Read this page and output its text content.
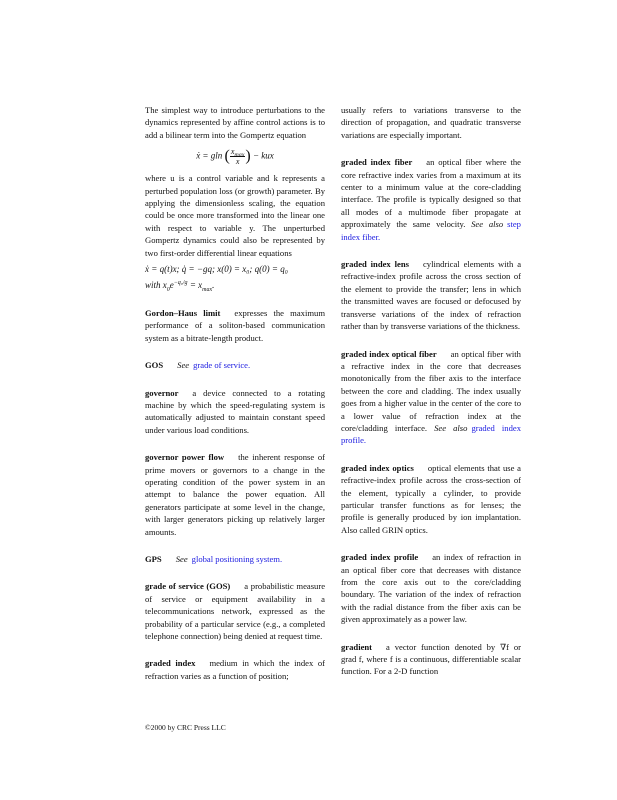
The simplest way to introduce perturbations to the dynamics represented by affine control actions is to add a bilinear term into the Gompertz equation

ẋ = gln ( $\frac{x_{max}}{x}$ ) − kux

where u is a control variable and k represents a perturbed population loss (or growth) parameter. By applying the dimensionless scaling, the equation could be once more transformed into the linear one with respect to variable y. The unperturbed Gompertz dynamics could also be represented by two first-order differential linear equations

ẋ = q(t)x; q̇ = −gq; x(0) = x₀; q(0) = q₀
with $x_0e^{-q_0/g} = x_{max}$.

Gordon–Haus limit expresses the maximum performance of a soliton-based communication system as a bitrate-length product.

GOS See grade of service.

governor a device connected to a rotating machine by which the speed-regulating system is automatically adjusted to maintain constant speed under various load conditions.

governor power flow the inherent response of prime movers or governors to a change in the operating condition of the power system in an attempt to balance the power equation. All generators participate at some level in the change, with larger generators picking up relatively larger amounts.

GPS See global positioning system.

grade of service (GOS) a probabilistic measure of service or equipment availability in a telecommunications network, expressed as the probability of a particular service (e.g., a completed telephone connection) being denied at request time.

graded index medium in which the index of refraction varies as a function of position;

usually refers to variations transverse to the direction of propagation, and quadratic transverse variations are especially important.

graded index fiber an optical fiber where the core refractive index varies from a maximum at its center to a minimum value at the core-cladding interface. The profile is typically designed so that all modes of a multimode fiber propagate at approximately the same velocity. See also step index fiber.

graded index lens cylindrical elements with a refractive-index profile across the cross section of the element to provide the transfer; lens in which the transmitted waves are focused or defocused by transverse variations of the index of refraction rather than by transverse variations of the thickness.

graded index optical fiber an optical fiber with a refractive index in the core that decreases monotonically from the fiber axis to the interface between the core and cladding. The index usually goes from a higher value in the center of the core to a lower value of refraction index at the core/cladding interface. See also graded index profile.

graded index optics optical elements that use a refractive-index profile across the cross-section of the element, typically a cylinder, to provide particular transfer functions as for lenses; the profile is generally produced by ion implantation. Also called GRIN optics.

graded index profile an index of refraction in an optical fiber core that decreases with distance from the core axis out to the core/cladding boundary. The variation of the index of refraction with the radial distance from the fiber axis can be given approximately as a power law.

gradient a vector function denoted by ∇f or grad f, where f is a continuous, differentiable scalar function. For a 2-D function

©2000 by CRC Press LLC
